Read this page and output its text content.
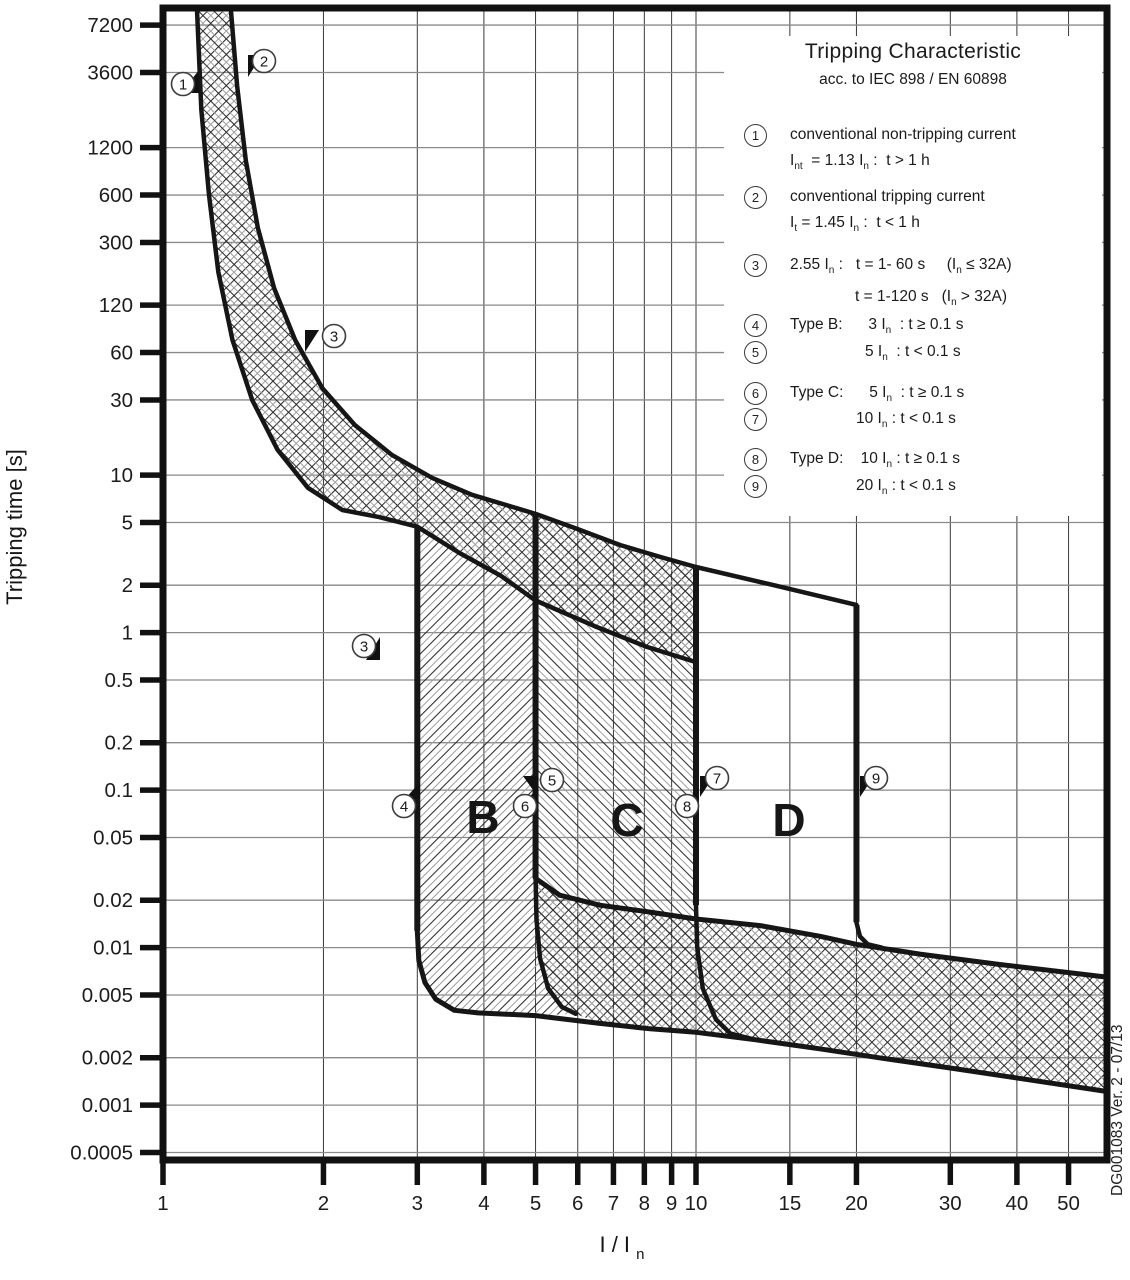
7200
3600
1200
600
300
120
60
30
10
5
2
1
0.5
0.2
0.1
0.05
0.02
0.01
0.005
0.002
0.001
0.0005
1	2	3	4 5 6 7 8 9 10	15 20	30 40 50
B C	D
1
2
3
3
4
5
6
7
8
9
Tripping time [s]
I / I $_n$
DG001083 Ver. 2 - 07/13
Tripping Characteristic
acc. to IEC 898 / EN 60898
1	conventional non-tripping current
$I_{nt} = 1.13$ $I_n$ :  t > 1 h
2	conventional tripping current
$I_t = 1.45$ $I_n$ :  t < 1 h
3	2.55 $I_n$ :   t = 1- 60 s     $(I_n \le 32A)$
t = 1-120 s   $(I_n > 32A)$
4	Type B:      3 $I_n$  : t ≥ 0.1 s
5	5 $I_n$  : t < 0.1 s
6	Type C:      5 $I_n$  : t ≥ 0.1 s
7	10 $I_n$ : t < 0.1 s
8	Type D:    10 $I_n$ : t ≥ 0.1 s
9	20 $I_n$ : t < 0.1 s
